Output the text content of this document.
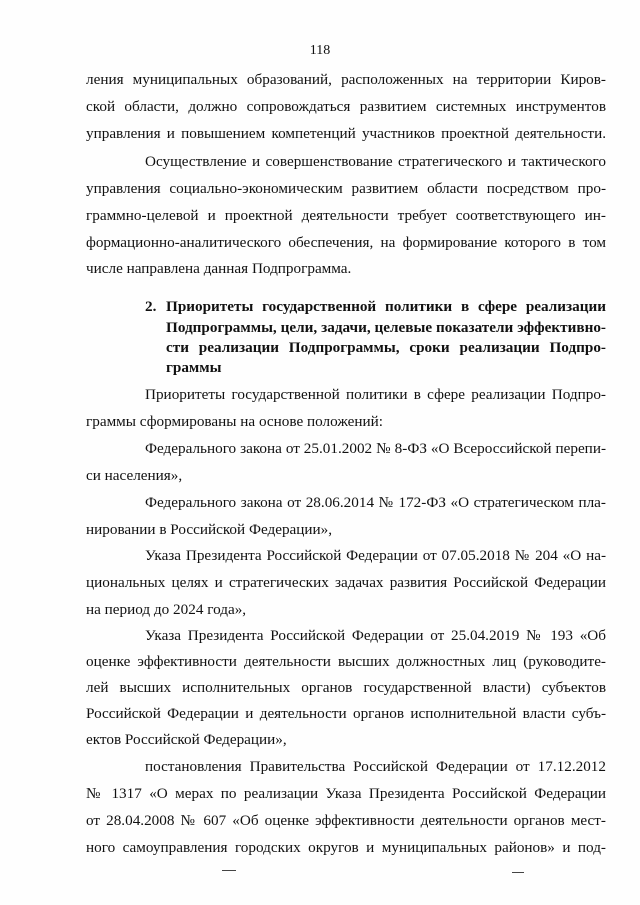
118
ления муниципальных образований, расположенных на территории Киров-
ской области, должно сопровождаться развитием системных инструментов
управления и повышением компетенций участников проектной деятельности.
Осуществление и совершенствование стратегического и тактического
управления социально-экономическим развитием области посредством про-
граммно-целевой и проектной деятельности требует соответствующего ин-
формационно-аналитического обеспечения, на формирование которого в том
числе направлена данная Подпрограмма.
2. Приоритеты государственной политики в сфере реализации
Подпрограммы, цели, задачи, целевые показатели эффективно-
сти реализации Подпрограммы, сроки реализации Подпро-
граммы
Приоритеты государственной политики в сфере реализации Подпро-
граммы сформированы на основе положений:
Федерального закона от 25.01.2002 № 8-ФЗ «О Всероссийской перепи-
си населения»,
Федерального закона от 28.06.2014 № 172-ФЗ «О стратегическом пла-
нировании в Российской Федерации»,
Указа Президента Российской Федерации от 07.05.2018 № 204 «О на-
циональных целях и стратегических задачах развития Российской Федерации
на период до 2024 года»,
Указа Президента Российской Федерации от 25.04.2019 № 193 «Об
оценке эффективности деятельности высших должностных лиц (руководите-
лей высших исполнительных органов государственной власти) субъектов
Российской Федерации и деятельности органов исполнительной власти субъ-
ектов Российской Федерации»,
постановления Правительства Российской Федерации от 17.12.2012
№ 1317 «О мерах по реализации Указа Президента Российской Федерации
от 28.04.2008 № 607 «Об оценке эффективности деятельности органов мест-
ного самоуправления городских округов и муниципальных районов» и под-
